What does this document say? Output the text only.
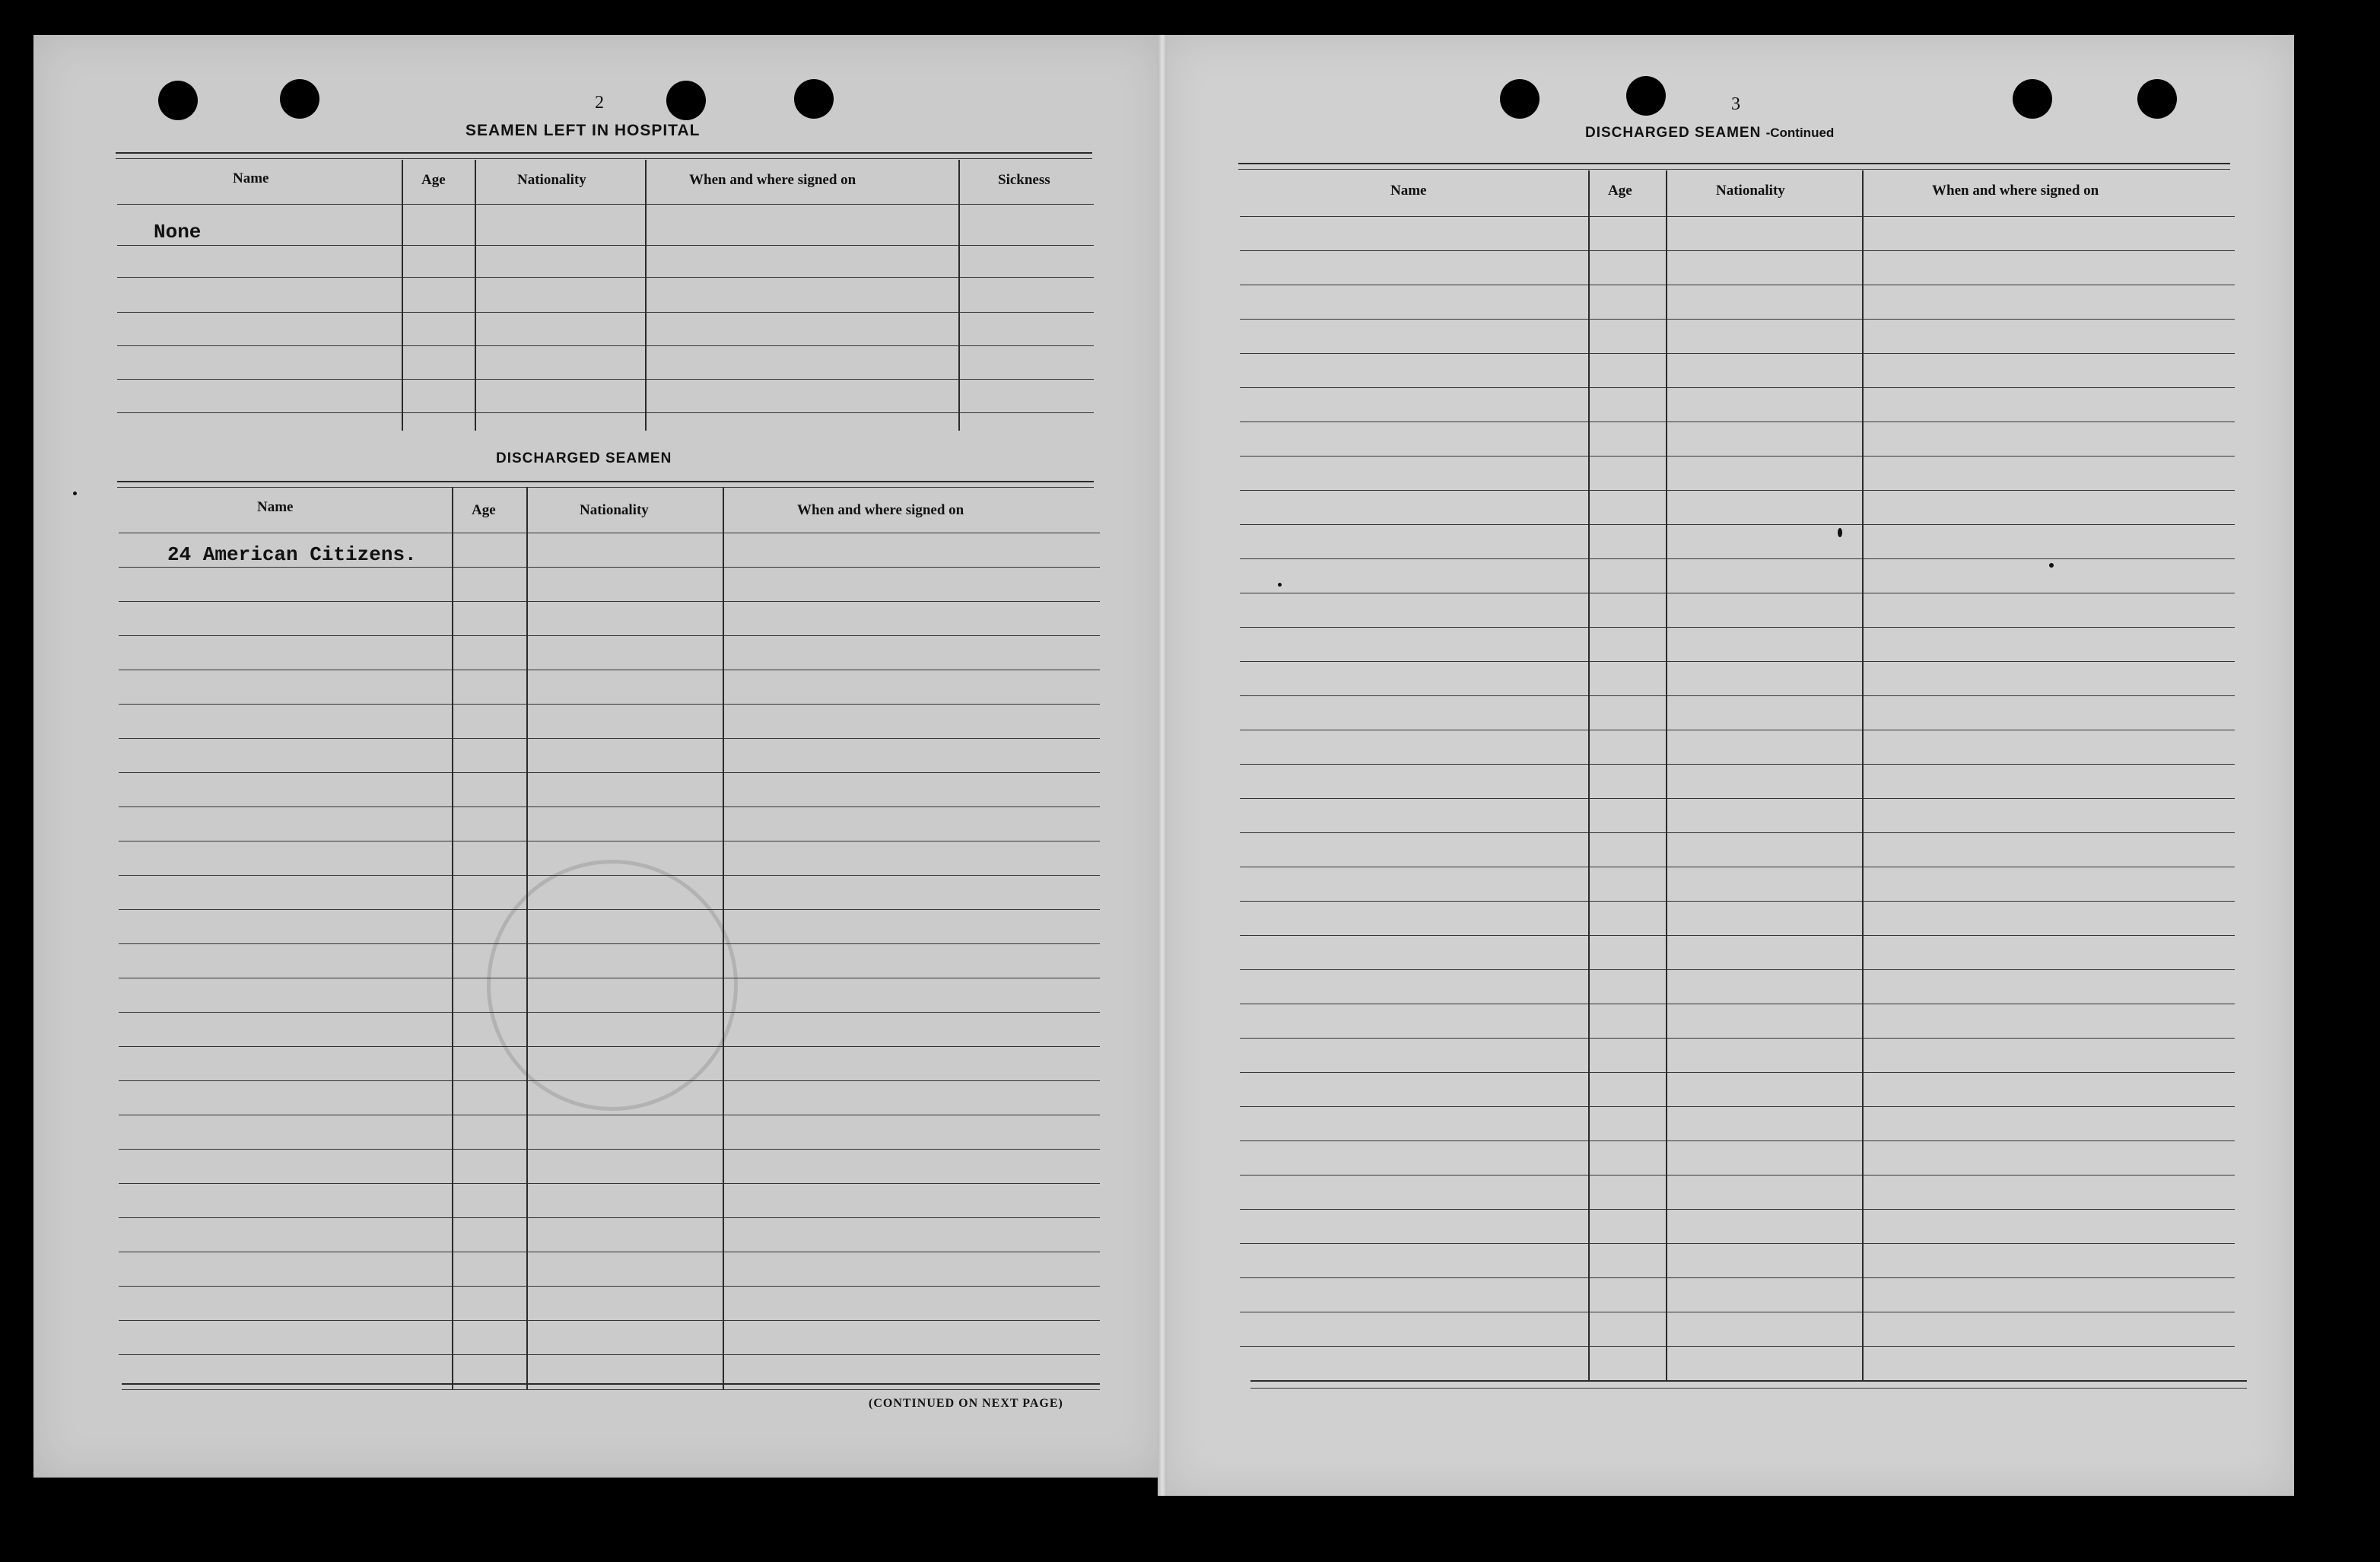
2
SEAMEN LEFT IN HOSPITAL
Name	Age	Nationality	When and where signed on	Sickness
None
DISCHARGED SEAMEN
Name	Age	Nationality	When and where signed on
24 American Citizens.
(CONTINUED ON NEXT PAGE)
3
DISCHARGED SEAMEN -Continued
Name	Age	Nationality	When and where signed on
